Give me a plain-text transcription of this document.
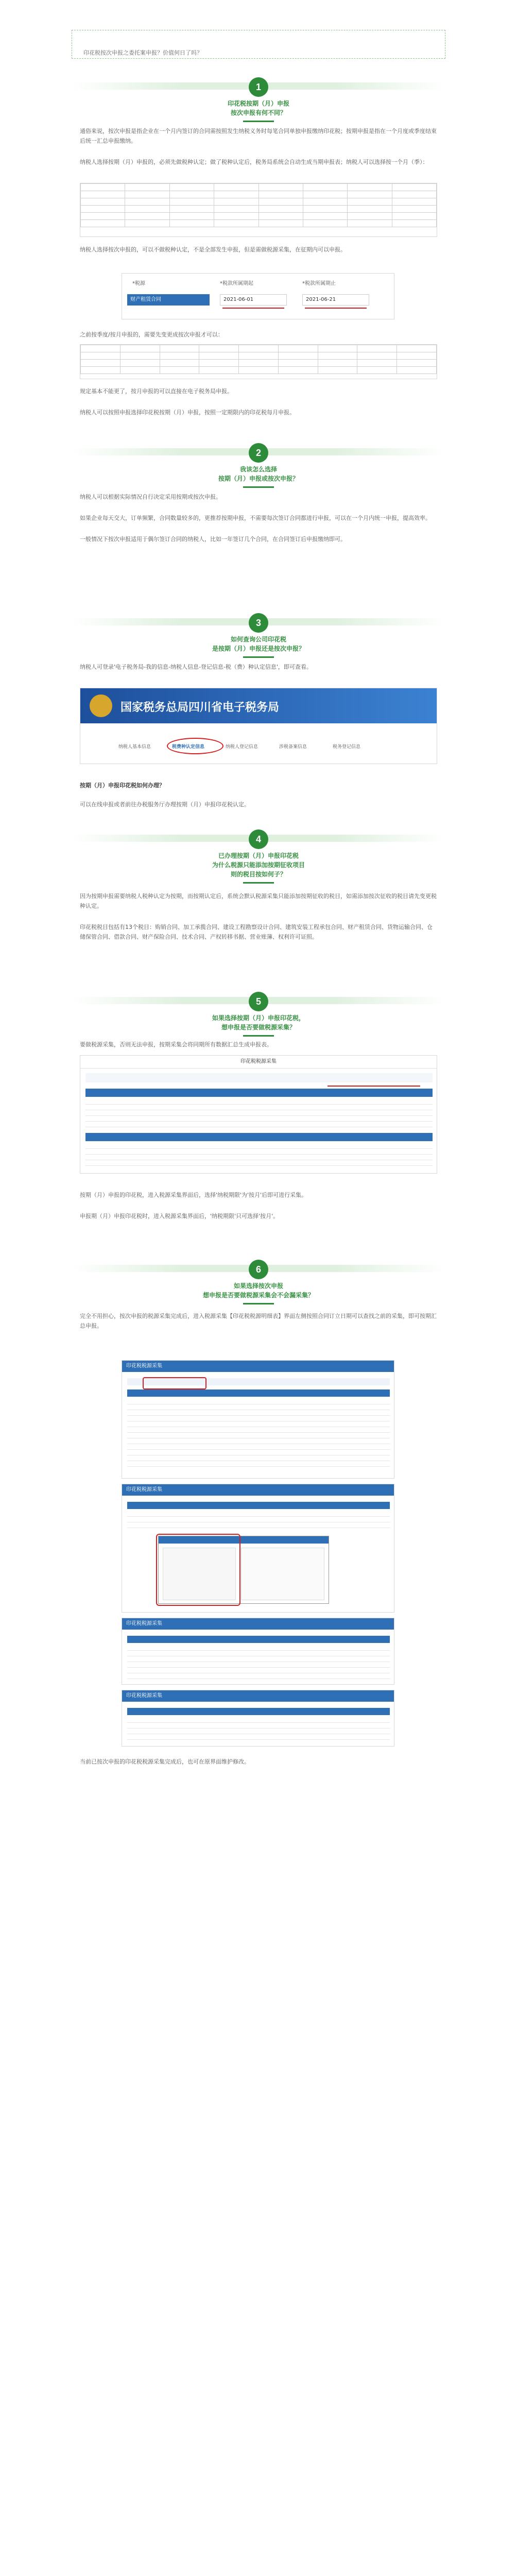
印花税按次申报之委托案申报？价值何日了吗？
1
印花税按期（月）申报
按次申报有何不同？

通俗来说，按次申报是指企业在一个月内签订的合同需按照发生纳税义务时每笔合同单独申报缴纳印花税；按期申报是指在一个月度或季度结束后统一汇总申报缴纳。

纳税人选择按期（月）申报的，必须先做税种认定；做了税种认定后，税务局系统会自动生成当期申报表；纳税人可以选择按一个月（季）：

纳税人选择按次申报的，可以不做税种认定，不是全部发生申报，但是需做税源采集，在征期内可以申报。

*税源	*税款所属期起	*税款所属期止
财产租赁合同	2021-06-01	2021-06-21

之前按季度/按月申报的，需要先变更成按次申报才可以：

规定基本不能更了，按月申报的可以直接在电子税务局申报。

纳税人可以按照申报选择印花税按期（月）申报，按照一定期限内的印花税每月申报。

2
我该怎么选择
按期（月）申报或按次申报？

纳税人可以根据实际情况自行决定采用按期或按次申报。

如果企业每天交大，订单频繁，合同数量较多的，更推荐按期申报，不需要每次签订合同都进行申报，可以在一个月内统一申报，提高效率。

一般情况下按次申报适用于偶尔签订合同的纳税人，比如一年签订几个合同，在合同签订后申报缴纳即可。

3
如何查询公司印花税
是按期（月）申报还是按次申报？

纳税人可登录'电子税务局-我的信息-纳税人信息-登记信息-税（费）种认定信息'，即可查看。

国家税务总局四川省电子税务局
纳税人基本信息	税费种认定信息	纳税人登记信息	涉税备案信息	税务登记信息

按期（月）申报印花税如何办理？

可以在线申报或者前往办税服务厅办理按期（月）申报印花税认定。

4
已办理按期（月）申报印花税
为什么税源只能添加按期征收项目
则的税目按如何子？

因为按期申报需要纳税人税种认定为按期，而按期认定后，系统会默认税源采集只能添加按期征收的税目，如需添加按次征收的税目请先变更税种认定。

印花税税目包括有13个税目：购销合同、加工承揽合同、建设工程勘察设计合同、建筑安装工程承包合同、财产租赁合同、货物运输合同、仓储保管合同、借款合同、财产保险合同、技术合同、产权转移书据、营业账簿、权利许可证照。

5
如果选择按期（月）申报印花税，
想申报是否要做税源采集？

要做税源采集，否则无法申报，按期采集会将同期所有数据汇总生成申报表。

印花税税源采集

按期（月）申报的印花税，进入税源采集界面后，选择'纳税期限'为'按月'后即可进行采集。

申报期（月）申报印花税时，进入税源采集界面后，'纳税期限'只可选择'按月'。

6
如果选择按次申报
想申报是否要做税源采集会不会漏采集？

完全不用担心，按次申报的税源采集完成后，进入税源采集【印花税税源明细表】界面左侧按照合同订立日期可以查找之前的采集，即可按期汇总申报。

印花税税源采集
印花税税源采集
印花税税源采集
印花税税源采集

当前已按次申报的印花税税源采集完成后，也可在原界面维护修改。
